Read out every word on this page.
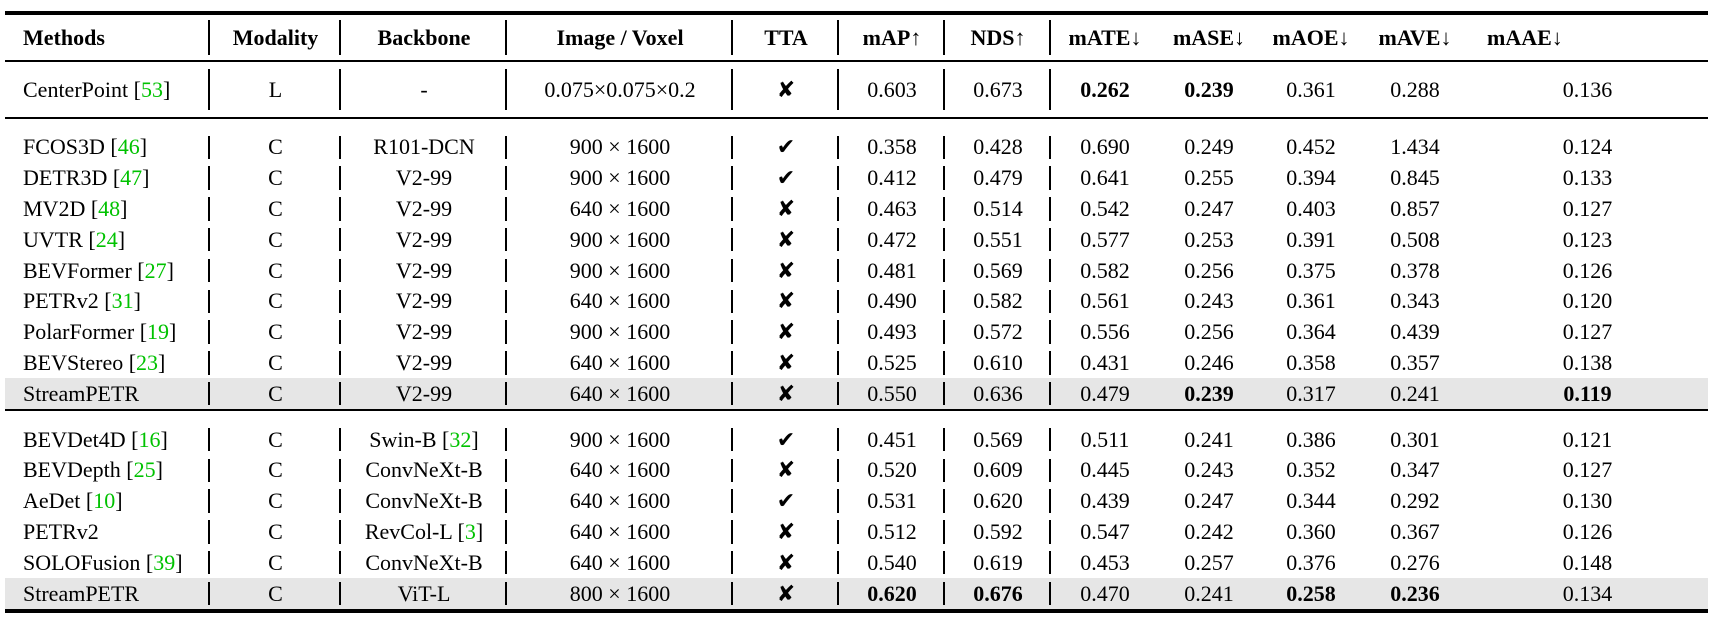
Methods	Modality	Backbone	Image / Voxel	TTA	mAP↑	NDS↑	mATE↓	mASE↓	mAOE↓	mAVE↓	mAAE↓
CenterPoint [53]	L	-	0.075×0.075×0.2	✘	0.603	0.673	0.262	0.239	0.361	0.288	0.136

FCOS3D [46]	C	R101-DCN	900 × 1600	✔	0.358	0.428	0.690	0.249	0.452	1.434	0.124
DETR3D [47]	C	V2-99	900 × 1600	✔	0.412	0.479	0.641	0.255	0.394	0.845	0.133
MV2D [48]	C	V2-99	640 × 1600	✘	0.463	0.514	0.542	0.247	0.403	0.857	0.127
UVTR [24]	C	V2-99	900 × 1600	✘	0.472	0.551	0.577	0.253	0.391	0.508	0.123
BEVFormer [27]	C	V2-99	900 × 1600	✘	0.481	0.569	0.582	0.256	0.375	0.378	0.126
PETRv2 [31]	C	V2-99	640 × 1600	✘	0.490	0.582	0.561	0.243	0.361	0.343	0.120
PolarFormer [19]	C	V2-99	900 × 1600	✘	0.493	0.572	0.556	0.256	0.364	0.439	0.127
BEVStereo [23]	C	V2-99	640 × 1600	✘	0.525	0.610	0.431	0.246	0.358	0.357	0.138
StreamPETR	C	V2-99	640 × 1600	✘	0.550	0.636	0.479	0.239	0.317	0.241	0.119

BEVDet4D [16]	C	Swin-B [32]	900 × 1600	✔	0.451	0.569	0.511	0.241	0.386	0.301	0.121
BEVDepth [25]	C	ConvNeXt-B	640 × 1600	✘	0.520	0.609	0.445	0.243	0.352	0.347	0.127
AeDet [10]	C	ConvNeXt-B	640 × 1600	✔	0.531	0.620	0.439	0.247	0.344	0.292	0.130
PETRv2	C	RevCol-L [3]	640 × 1600	✘	0.512	0.592	0.547	0.242	0.360	0.367	0.126
SOLOFusion [39]	C	ConvNeXt-B	640 × 1600	✘	0.540	0.619	0.453	0.257	0.376	0.276	0.148
StreamPETR	C	ViT-L	800 × 1600	✘	0.620	0.676	0.470	0.241	0.258	0.236	0.134
